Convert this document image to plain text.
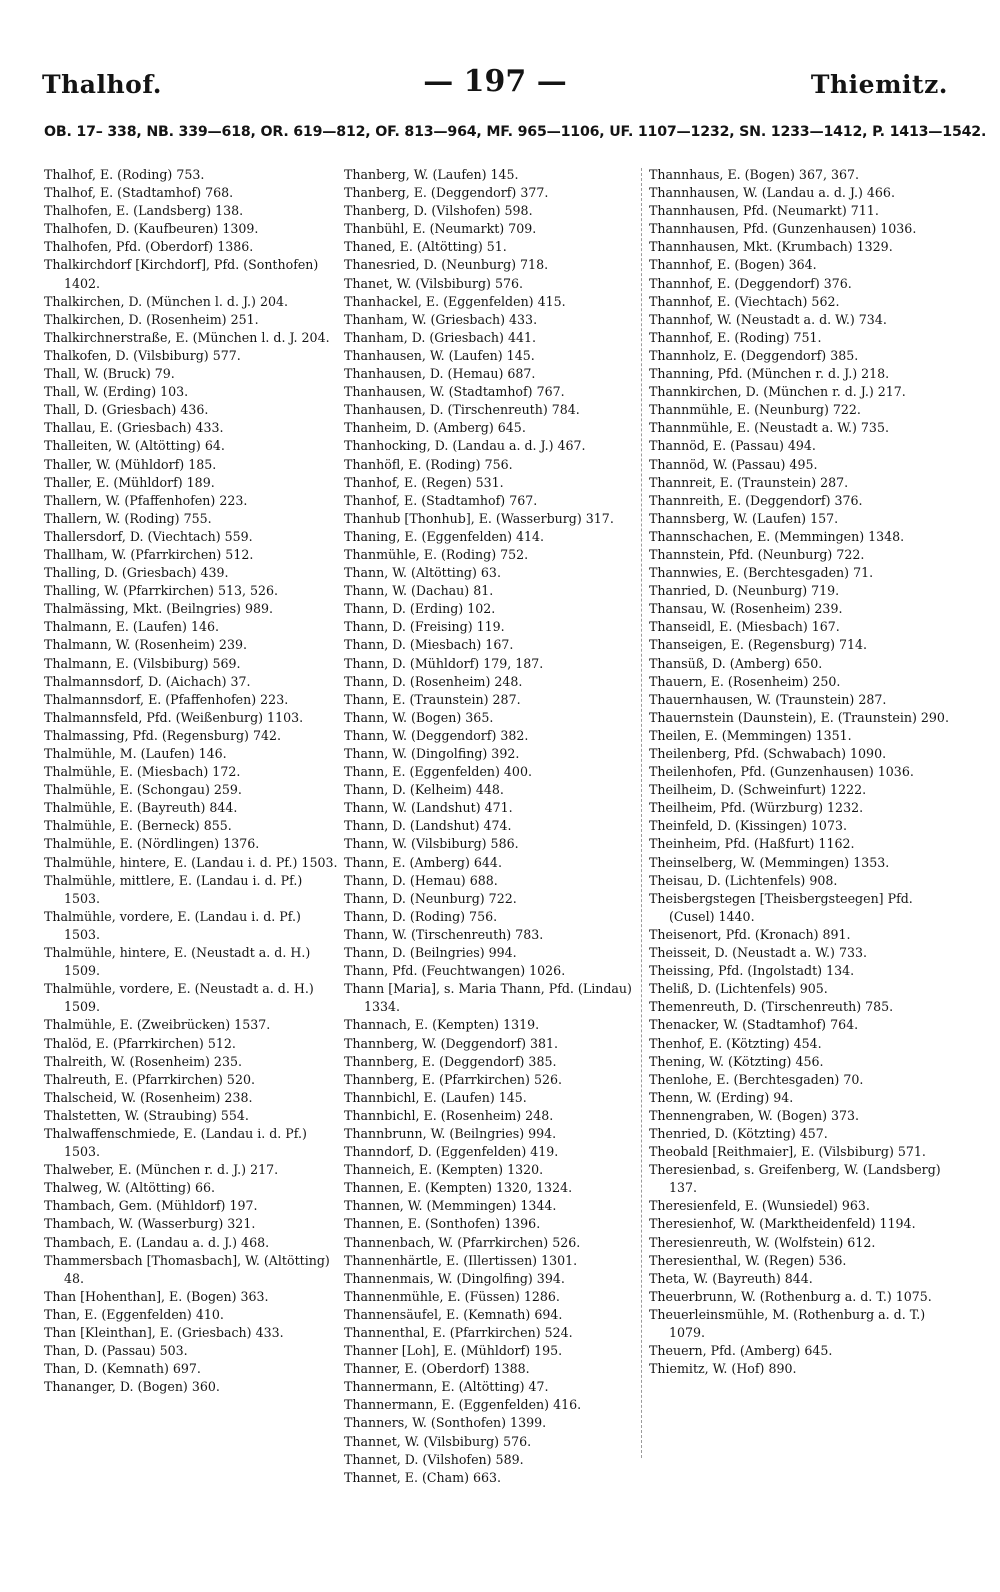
Thalhof.	— 197 —	Thiemitz.
OB. 17– 338, NB. 339—618, OR. 619—812, OF. 813—964, MF. 965—1106, UF. 1107—1232, SN. 1233—1412, P. 1413—1542.
Thalhof, E. (Roding) 753.
Thalhof, E. (Stadtamhof) 768.
Thalhofen, E. (Landsberg) 138.
Thalhofen, D. (Kaufbeuren) 1309.
Thalhofen, Pfd. (Oberdorf) 1386.
Thalkirchdorf [Kirchdorf], Pfd. (Sonthofen) 1402.
Thalkirchen, D. (München l. d. J.) 204.
Thalkirchen, D. (Rosenheim) 251.
Thalkirchnerstraße, E. (München l. d. J. 204.
Thalkofen, D. (Vilsbiburg) 577.
Thall, W. (Bruck) 79.
Thall, W. (Erding) 103.
Thall, D. (Griesbach) 436.
Thallau, E. (Griesbach) 433.
Thalleiten, W. (Altötting) 64.
Thaller, W. (Mühldorf) 185.
Thaller, E. (Mühldorf) 189.
Thallern, W. (Pfaffenhofen) 223.
Thallern, W. (Roding) 755.
Thallersdorf, D. (Viechtach) 559.
Thallham, W. (Pfarrkirchen) 512.
Thalling, D. (Griesbach) 439.
Thalling, W. (Pfarrkirchen) 513, 526.
Thalmässing, Mkt. (Beilngries) 989.
Thalmann, E. (Laufen) 146.
Thalmann, W. (Rosenheim) 239.
Thalmann, E. (Vilsbiburg) 569.
Thalmannsdorf, D. (Aichach) 37.
Thalmannsdorf, E. (Pfaffenhofen) 223.
Thalmannsfeld, Pfd. (Weißenburg) 1103.
Thalmassing, Pfd. (Regensburg) 742.
Thalmühle, M. (Laufen) 146.
Thalmühle, E. (Miesbach) 172.
Thalmühle, E. (Schongau) 259.
Thalmühle, E. (Bayreuth) 844.
Thalmühle, E. (Berneck) 855.
Thalmühle, E. (Nördlingen) 1376.
Thalmühle, hintere, E. (Landau i. d. Pf.) 1503.
Thalmühle, mittlere, E. (Landau i. d. Pf.) 1503.
Thalmühle, vordere, E. (Landau i. d. Pf.) 1503.
Thalmühle, hintere, E. (Neustadt a. d. H.) 1509.
Thalmühle, vordere, E. (Neustadt a. d. H.) 1509.
Thalmühle, E. (Zweibrücken) 1537.
Thalöd, E. (Pfarrkirchen) 512.
Thalreith, W. (Rosenheim) 235.
Thalreuth, E. (Pfarrkirchen) 520.
Thalscheid, W. (Rosenheim) 238.
Thalstetten, W. (Straubing) 554.
Thalwaffenschmiede, E. (Landau i. d. Pf.) 1503.
Thalweber, E. (München r. d. J.) 217.
Thalweg, W. (Altötting) 66.
Thambach, Gem. (Mühldorf) 197.
Thambach, W. (Wasserburg) 321.
Thambach, E. (Landau a. d. J.) 468.
Thammersbach [Thomasbach], W. (Altötting) 48.
Than [Hohenthan], E. (Bogen) 363.
Than, E. (Eggenfelden) 410.
Than [Kleinthan], E. (Griesbach) 433.
Than, D. (Passau) 503.
Than, D. (Kemnath) 697.
Thananger, D. (Bogen) 360.
Thanberg, W. (Laufen) 145.
Thanberg, E. (Deggendorf) 377.
Thanberg, D. (Vilshofen) 598.
Thanbühl, E. (Neumarkt) 709.
Thaned, E. (Altötting) 51.
Thanesried, D. (Neunburg) 718.
Thanet, W. (Vilsbiburg) 576.
Thanhackel, E. (Eggenfelden) 415.
Thanham, W. (Griesbach) 433.
Thanham, D. (Griesbach) 441.
Thanhausen, W. (Laufen) 145.
Thanhausen, D. (Hemau) 687.
Thanhausen, W. (Stadtamhof) 767.
Thanhausen, D. (Tirschenreuth) 784.
Thanheim, D. (Amberg) 645.
Thanhocking, D. (Landau a. d. J.) 467.
Thanhöfl, E. (Roding) 756.
Thanhof, E. (Regen) 531.
Thanhof, E. (Stadtamhof) 767.
Thanhub [Thonhub], E. (Wasserburg) 317.
Thaning, E. (Eggenfelden) 414.
Thanmühle, E. (Roding) 752.
Thann, W. (Altötting) 63.
Thann, W. (Dachau) 81.
Thann, D. (Erding) 102.
Thann, D. (Freising) 119.
Thann, D. (Miesbach) 167.
Thann, D. (Mühldorf) 179, 187.
Thann, D. (Rosenheim) 248.
Thann, E. (Traunstein) 287.
Thann, W. (Bogen) 365.
Thann, W. (Deggendorf) 382.
Thann, W. (Dingolfing) 392.
Thann, E. (Eggenfelden) 400.
Thann, D. (Kelheim) 448.
Thann, W. (Landshut) 471.
Thann, D. (Landshut) 474.
Thann, W. (Vilsbiburg) 586.
Thann, E. (Amberg) 644.
Thann, D. (Hemau) 688.
Thann, D. (Neunburg) 722.
Thann, D. (Roding) 756.
Thann, W. (Tirschenreuth) 783.
Thann, D. (Beilngries) 994.
Thann, Pfd. (Feuchtwangen) 1026.
Thann [Maria], s. Maria Thann, Pfd. (Lindau) 1334.
Thannach, E. (Kempten) 1319.
Thannberg, W. (Deggendorf) 381.
Thannberg, E. (Deggendorf) 385.
Thannberg, E. (Pfarrkirchen) 526.
Thannbichl, E. (Laufen) 145.
Thannbichl, E. (Rosenheim) 248.
Thannbrunn, W. (Beilngries) 994.
Thanndorf, D. (Eggenfelden) 419.
Thanneich, E. (Kempten) 1320.
Thannen, E. (Kempten) 1320, 1324.
Thannen, W. (Memmingen) 1344.
Thannen, E. (Sonthofen) 1396.
Thannenbach, W. (Pfarrkirchen) 526.
Thannenhärtle, E. (Illertissen) 1301.
Thannenmais, W. (Dingolfing) 394.
Thannenmühle, E. (Füssen) 1286.
Thannensäufel, E. (Kemnath) 694.
Thannenthal, E. (Pfarrkirchen) 524.
Thanner [Loh], E. (Mühldorf) 195.
Thanner, E. (Oberdorf) 1388.
Thannermann, E. (Altötting) 47.
Thannermann, E. (Eggenfelden) 416.
Thanners, W. (Sonthofen) 1399.
Thannet, W. (Vilsbiburg) 576.
Thannet, D. (Vilshofen) 589.
Thannet, E. (Cham) 663.
Thannhaus, E. (Bogen) 367, 367.
Thannhausen, W. (Landau a. d. J.) 466.
Thannhausen, Pfd. (Neumarkt) 711.
Thannhausen, Pfd. (Gunzenhausen) 1036.
Thannhausen, Mkt. (Krumbach) 1329.
Thannhof, E. (Bogen) 364.
Thannhof, E. (Deggendorf) 376.
Thannhof, E. (Viechtach) 562.
Thannhof, W. (Neustadt a. d. W.) 734.
Thannhof, E. (Roding) 751.
Thannholz, E. (Deggendorf) 385.
Thanning, Pfd. (München r. d. J.) 218.
Thannkirchen, D. (München r. d. J.) 217.
Thannmühle, E. (Neunburg) 722.
Thannmühle, E. (Neustadt a. W.) 735.
Thannöd, E. (Passau) 494.
Thannöd, W. (Passau) 495.
Thannreit, E. (Traunstein) 287.
Thannreith, E. (Deggendorf) 376.
Thannsberg, W. (Laufen) 157.
Thannschachen, E. (Memmingen) 1348.
Thannstein, Pfd. (Neunburg) 722.
Thannwies, E. (Berchtesgaden) 71.
Thanried, D. (Neunburg) 719.
Thansau, W. (Rosenheim) 239.
Thanseidl, E. (Miesbach) 167.
Thanseigen, E. (Regensburg) 714.
Thansüß, D. (Amberg) 650.
Thauern, E. (Rosenheim) 250.
Thauernhausen, W. (Traunstein) 287.
Thauernstein (Daunstein), E. (Traunstein) 290.
Theilen, E. (Memmingen) 1351.
Theilenberg, Pfd. (Schwabach) 1090.
Theilenhofen, Pfd. (Gunzenhausen) 1036.
Theilheim, D. (Schweinfurt) 1222.
Theilheim, Pfd. (Würzburg) 1232.
Theinfeld, D. (Kissingen) 1073.
Theinheim, Pfd. (Haßfurt) 1162.
Theinselberg, W. (Memmingen) 1353.
Theisau, D. (Lichtenfels) 908.
Theisbergstegen [Theisbergsteegen] Pfd. (Cusel) 1440.
Theisenort, Pfd. (Kronach) 891.
Theisseit, D. (Neustadt a. W.) 733.
Theissing, Pfd. (Ingolstadt) 134.
Theliß, D. (Lichtenfels) 905.
Themenreuth, D. (Tirschenreuth) 785.
Thenacker, W. (Stadtamhof) 764.
Thenhof, E. (Kötzting) 454.
Thening, W. (Kötzting) 456.
Thenlohe, E. (Berchtesgaden) 70.
Thenn, W. (Erding) 94.
Thennengraben, W. (Bogen) 373.
Thenried, D. (Kötzting) 457.
Theobald [Reithmaier], E. (Vilsbiburg) 571.
Theresienbad, s. Greifenberg, W. (Landsberg) 137.
Theresienfeld, E. (Wunsiedel) 963.
Theresienhof, W. (Marktheidenfeld) 1194.
Theresienreuth, W. (Wolfstein) 612.
Theresienthal, W. (Regen) 536.
Theta, W. (Bayreuth) 844.
Theuerbrunn, W. (Rothenburg a. d. T.) 1075.
Theuerleinsmühle, M. (Rothenburg a. d. T.) 1079.
Theuern, Pfd. (Amberg) 645.
Thiemitz, W. (Hof) 890.
